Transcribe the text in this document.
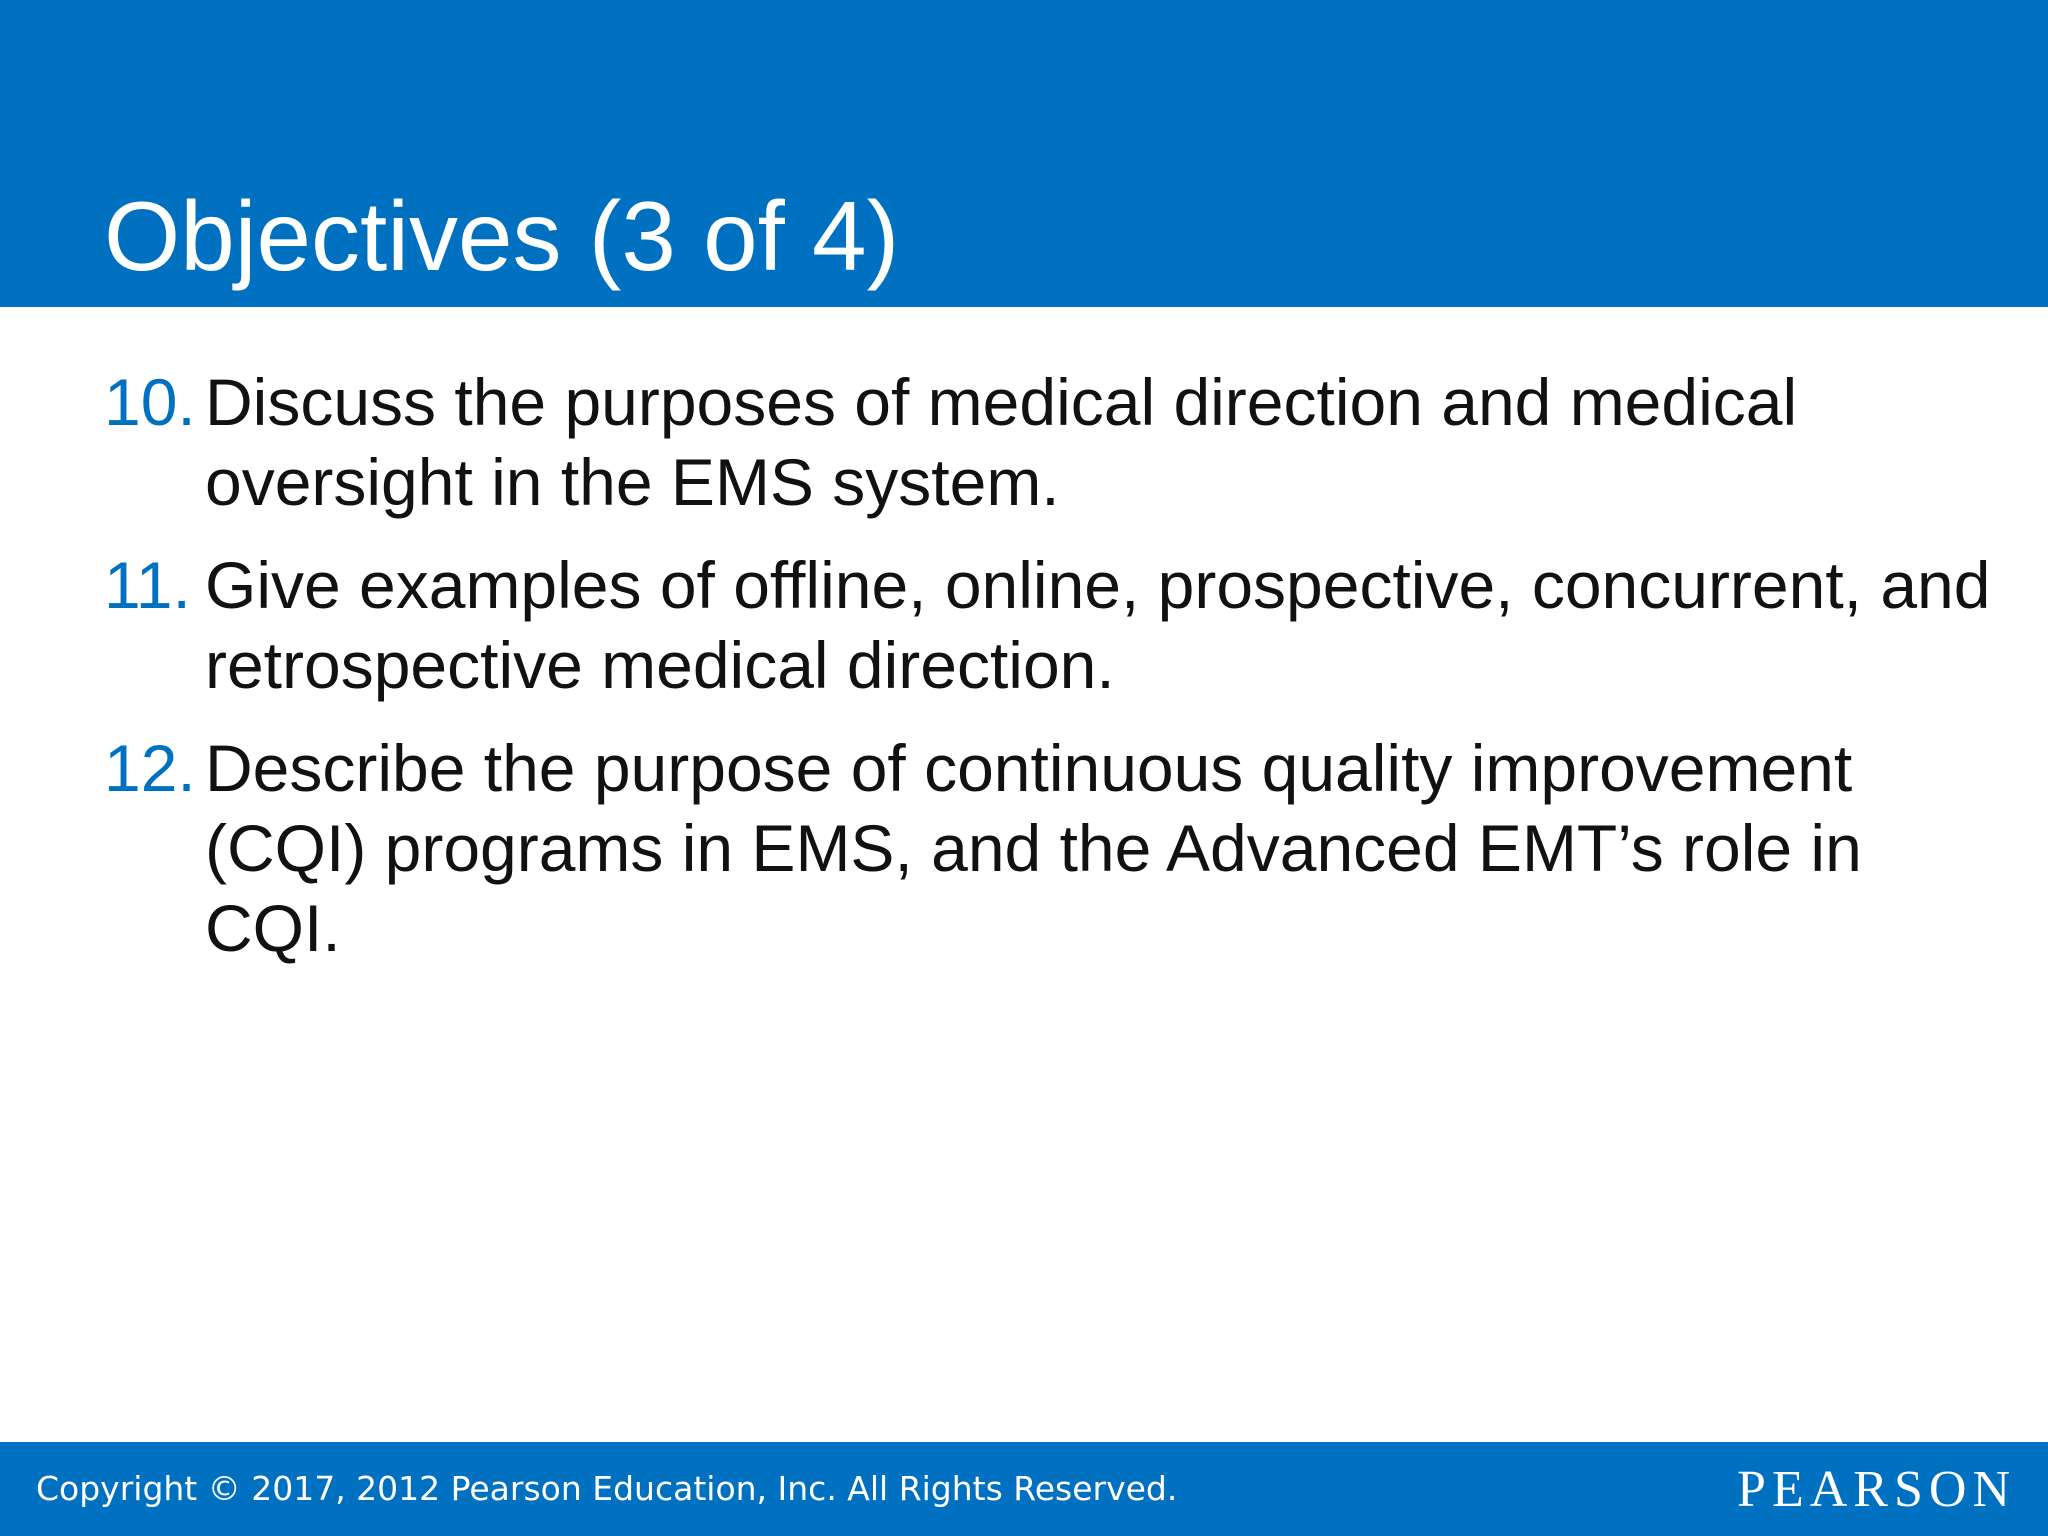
Objectives (3 of 4)
10. Discuss the purposes of medical direction and medical oversight in the EMS system.
11. Give examples of offline, online, prospective, concurrent, and retrospective medical direction.
12. Describe the purpose of continuous quality improvement (CQI) programs in EMS, and the Advanced EMT’s role in CQI.
Copyright © 2017, 2012 Pearson Education, Inc. All Rights Reserved.	PEARSON
